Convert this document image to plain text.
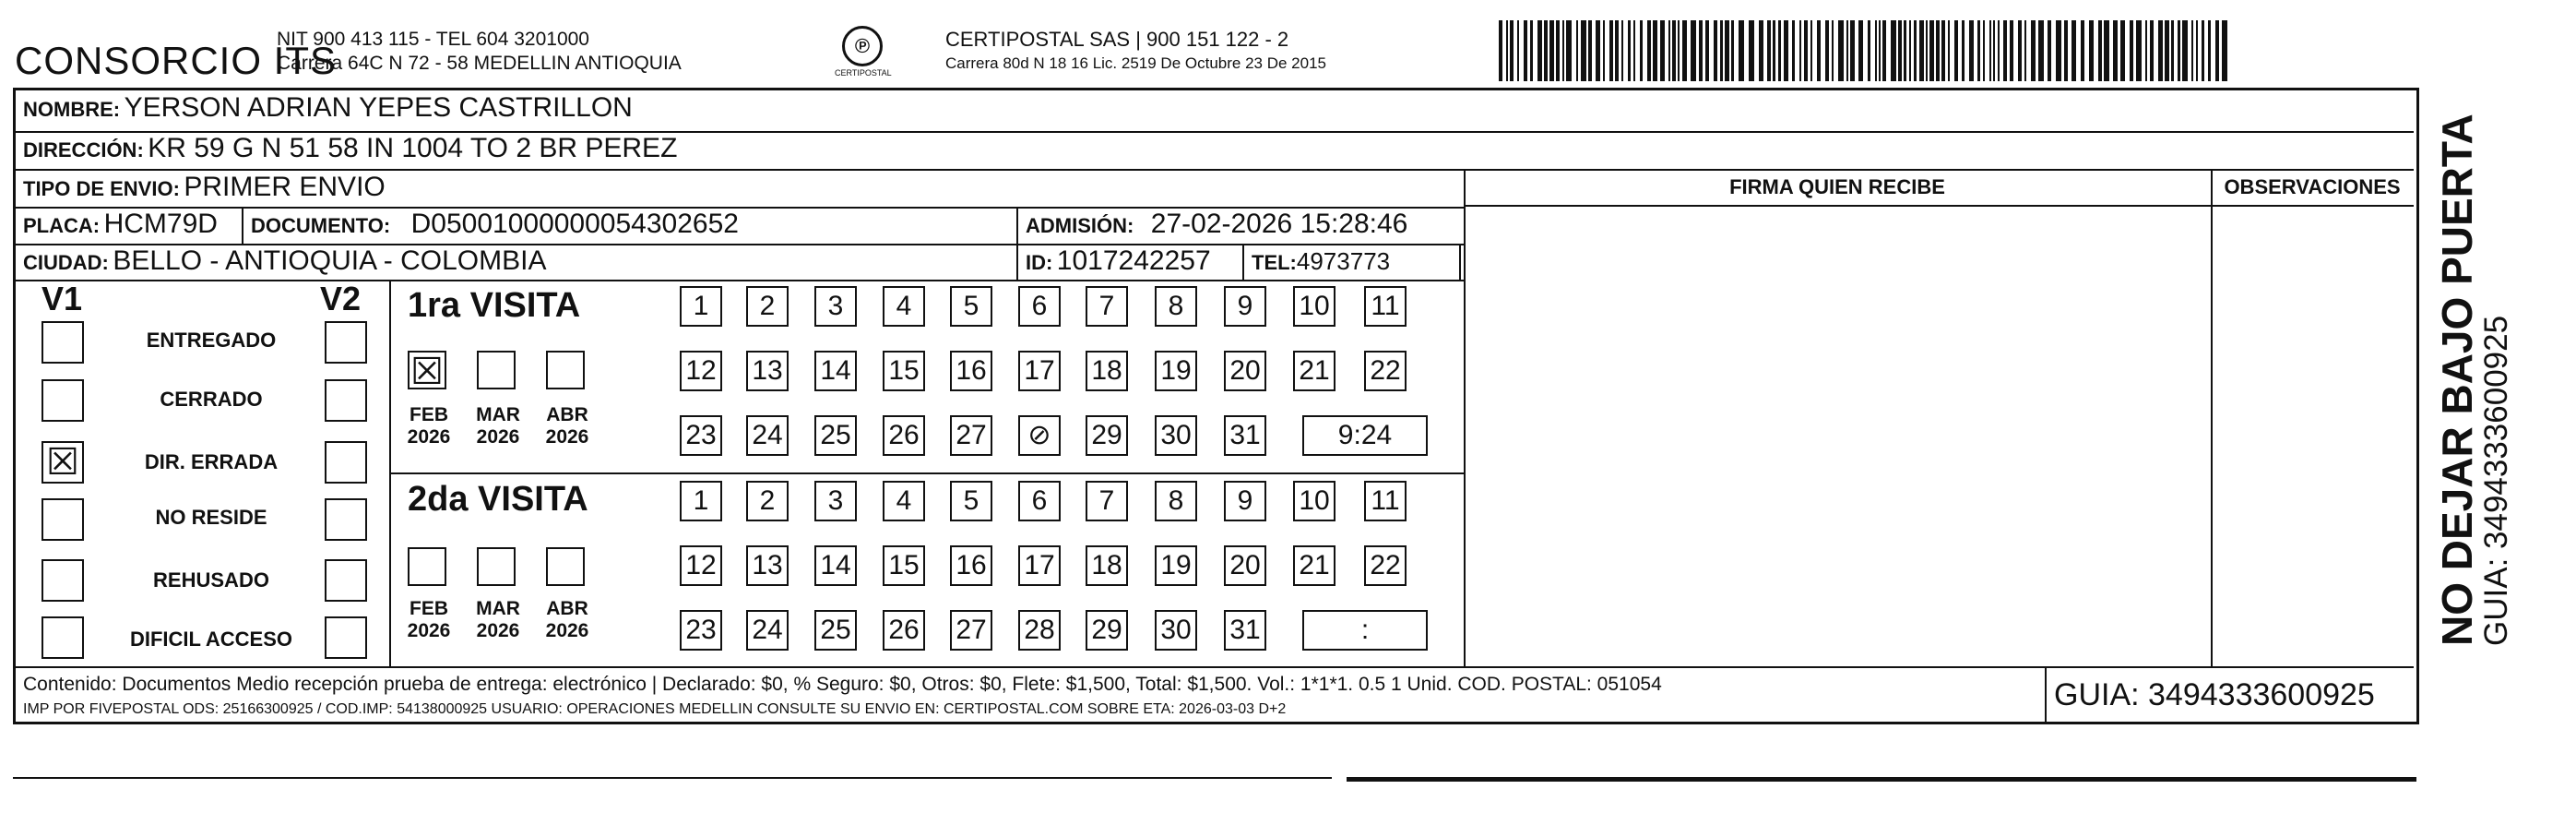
CONSORCIO ITS
NIT 900 413 115 - TEL 604 3201000
Carrera 64C N 72 - 58 MEDELLIN ANTIOQUIA
℗
CERTIPOSTAL
CERTIPOSTAL SAS | 900 151 122 - 2
Carrera 80d N 18 16 Lic. 2519 De Octubre 23 De 2015
NOMBRE: YERSON ADRIAN YEPES CASTRILLON
DIRECCIÓN: KR 59 G N 51 58 IN 1004 TO 2 BR PEREZ
TIPO DE ENVIO: PRIMER ENVIO
PLACA: HCM79D DOCUMENTO: D05001000000054302652	ADMISIÓN: 27-02-2026 15:28:46
CIUDAD: BELLO - ANTIOQUIA - COLOMBIA	ID: 1017242257 TEL:4973773
FIRMA QUIEN RECIBE	OBSERVACIONES
V1	V2
ENTREGADO
CERRADO
☒	DIR. ERRADA
NO RESIDE
REHUSADO
DIFICIL ACCESO
1ra VISITA
☒
FEB
2026
MAR
2026
ABR
2026
1	2	3	4	5	6	7	8	9	10 11
12 13 14 15 16 17 18 19 20 21 22
23 24 25 26 27	⊘	29 30 31	9:24
2da VISITA
FEB
2026
MAR
2026
ABR
2026
1	2	3	4	5	6	7	8	9	10 11
12 13 14 15 16 17 18 19 20 21 22
23 24 25 26 27 28 29 30 31	:
Contenido: Documentos Medio recepción prueba de entrega: electrónico | Declarado: $0, % Seguro: $0, Otros: $0, Flete: $1,500, Total: $1,500. Vol.: 1*1*1. 0.5 1 Unid. COD. POSTAL: 051054
IMP POR FIVEPOSTAL ODS: 25166300925 / COD.IMP: 54138000925 USUARIO: OPERACIONES MEDELLIN CONSULTE SU ENVIO EN: CERTIPOSTAL.COM SOBRE ETA: 2026-03-03 D+2	GUIA: 3494333600925
NO DEJAR BAJO PUERTA
GUIA: 3494333600925
